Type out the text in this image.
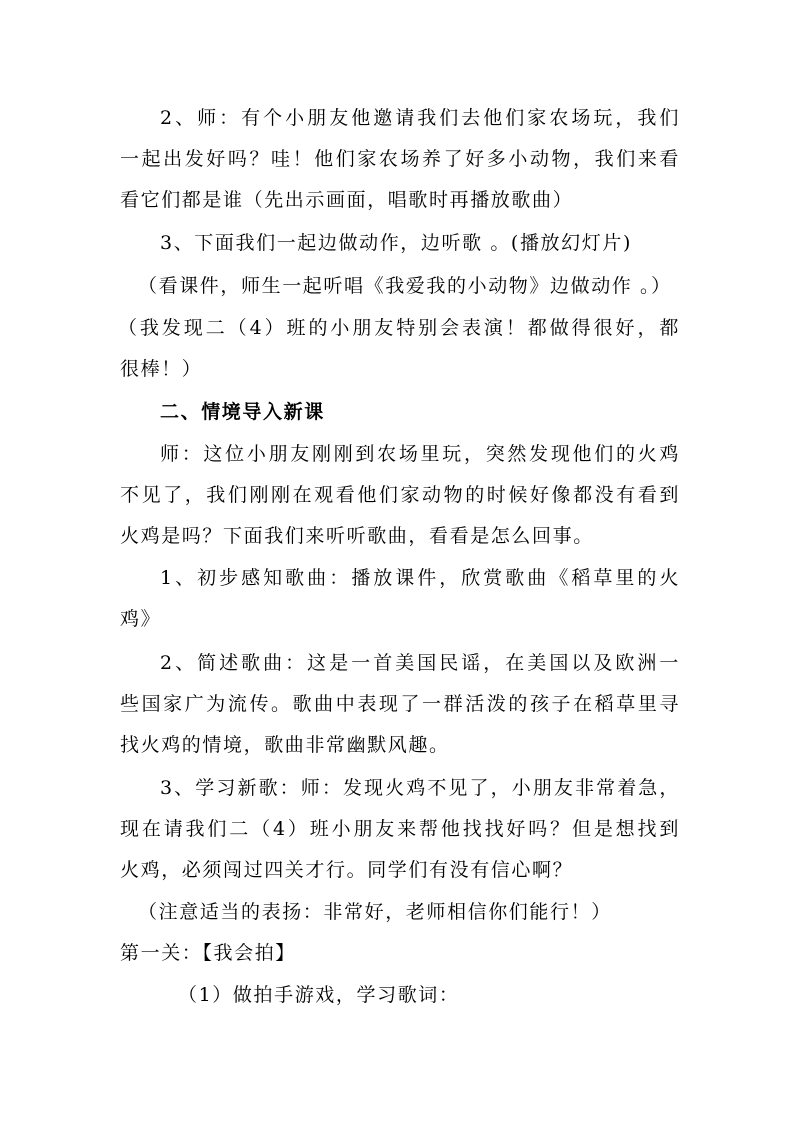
2、师：有个小朋友他邀请我们去他们家农场玩，我们
一起出发好吗？哇！他们家农场养了好多小动物，我们来看
看它们都是谁（先出示画面，唱歌时再播放歌曲）
3、下面我们一起边做动作，边听歌 。(播放幻灯片)
（看课件，师生一起听唱《我爱我的小动物》边做动作 。）
（我发现二（4）班的小朋友特别会表演！都做得很好，都
很棒！）
二、情境导入新课
师：这位小朋友刚刚到农场里玩，突然发现他们的火鸡
不见了，我们刚刚在观看他们家动物的时候好像都没有看到
火鸡是吗？下面我们来听听歌曲，看看是怎么回事。
1、初步感知歌曲：播放课件，欣赏歌曲《稻草里的火
鸡》
2、简述歌曲：这是一首美国民谣，在美国以及欧洲一
些国家广为流传。歌曲中表现了一群活泼的孩子在稻草里寻
找火鸡的情境，歌曲非常幽默风趣。
3、学习新歌：师：发现火鸡不见了，小朋友非常着急，
现在请我们二（4）班小朋友来帮他找找好吗？但是想找到
火鸡，必须闯过四关才行。同学们有没有信心啊？
（注意适当的表扬：非常好，老师相信你们能行！）
第一关：【我会拍】
（1）做拍手游戏，学习歌词：
